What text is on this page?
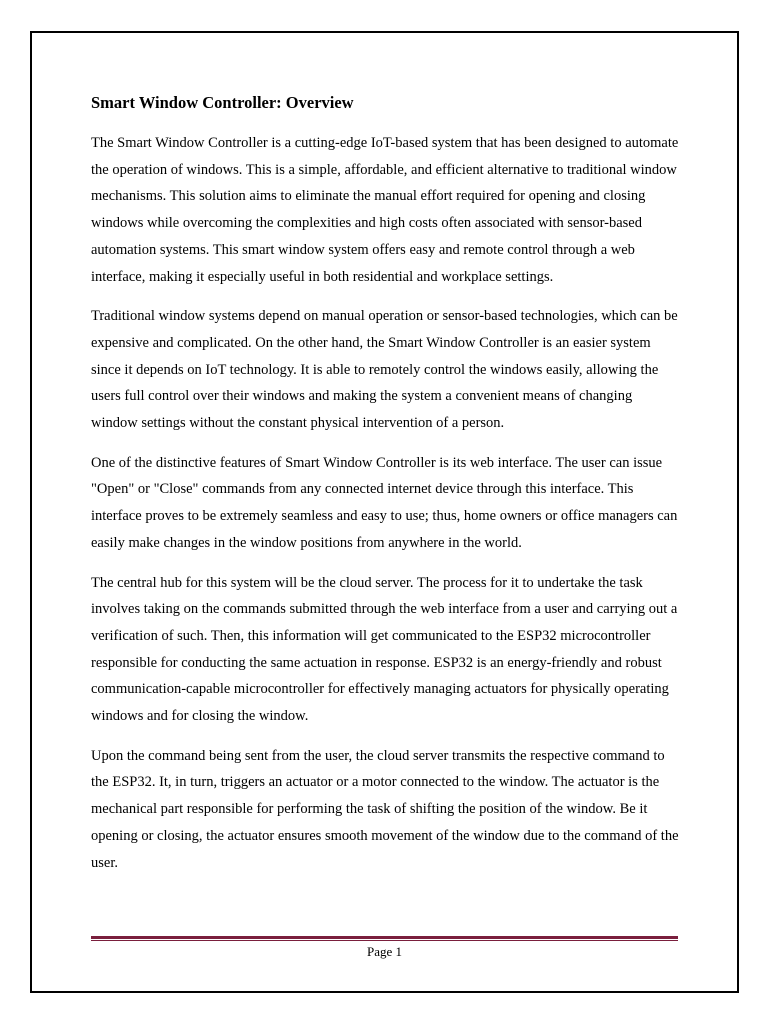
Smart Window Controller: Overview

The Smart Window Controller is a cutting-edge IoT-based system that has been designed to automate the operation of windows. This is a simple, affordable, and efficient alternative to traditional window mechanisms. This solution aims to eliminate the manual effort required for opening and closing windows while overcoming the complexities and high costs often associated with sensor-based automation systems. This smart window system offers easy and remote control through a web interface, making it especially useful in both residential and workplace settings.

Traditional window systems depend on manual operation or sensor-based technologies, which can be expensive and complicated. On the other hand, the Smart Window Controller is an easier system since it depends on IoT technology. It is able to remotely control the windows easily, allowing the users full control over their windows and making the system a convenient means of changing window settings without the constant physical intervention of a person.

One of the distinctive features of Smart Window Controller is its web interface. The user can issue "Open" or "Close" commands from any connected internet device through this interface. This interface proves to be extremely seamless and easy to use; thus, home owners or office managers can easily make changes in the window positions from anywhere in the world.

The central hub for this system will be the cloud server. The process for it to undertake the task involves taking on the commands submitted through the web interface from a user and carrying out a verification of such. Then, this information will get communicated to the ESP32 microcontroller responsible for conducting the same actuation in response. ESP32 is an energy-friendly and robust communication-capable microcontroller for effectively managing actuators for physically operating windows and for closing the window.

Upon the command being sent from the user, the cloud server transmits the respective command to the ESP32. It, in turn, triggers an actuator or a motor connected to the window. The actuator is the mechanical part responsible for performing the task of shifting the position of the window. Be it opening or closing, the actuator ensures smooth movement of the window due to the command of the user.

Page 1
